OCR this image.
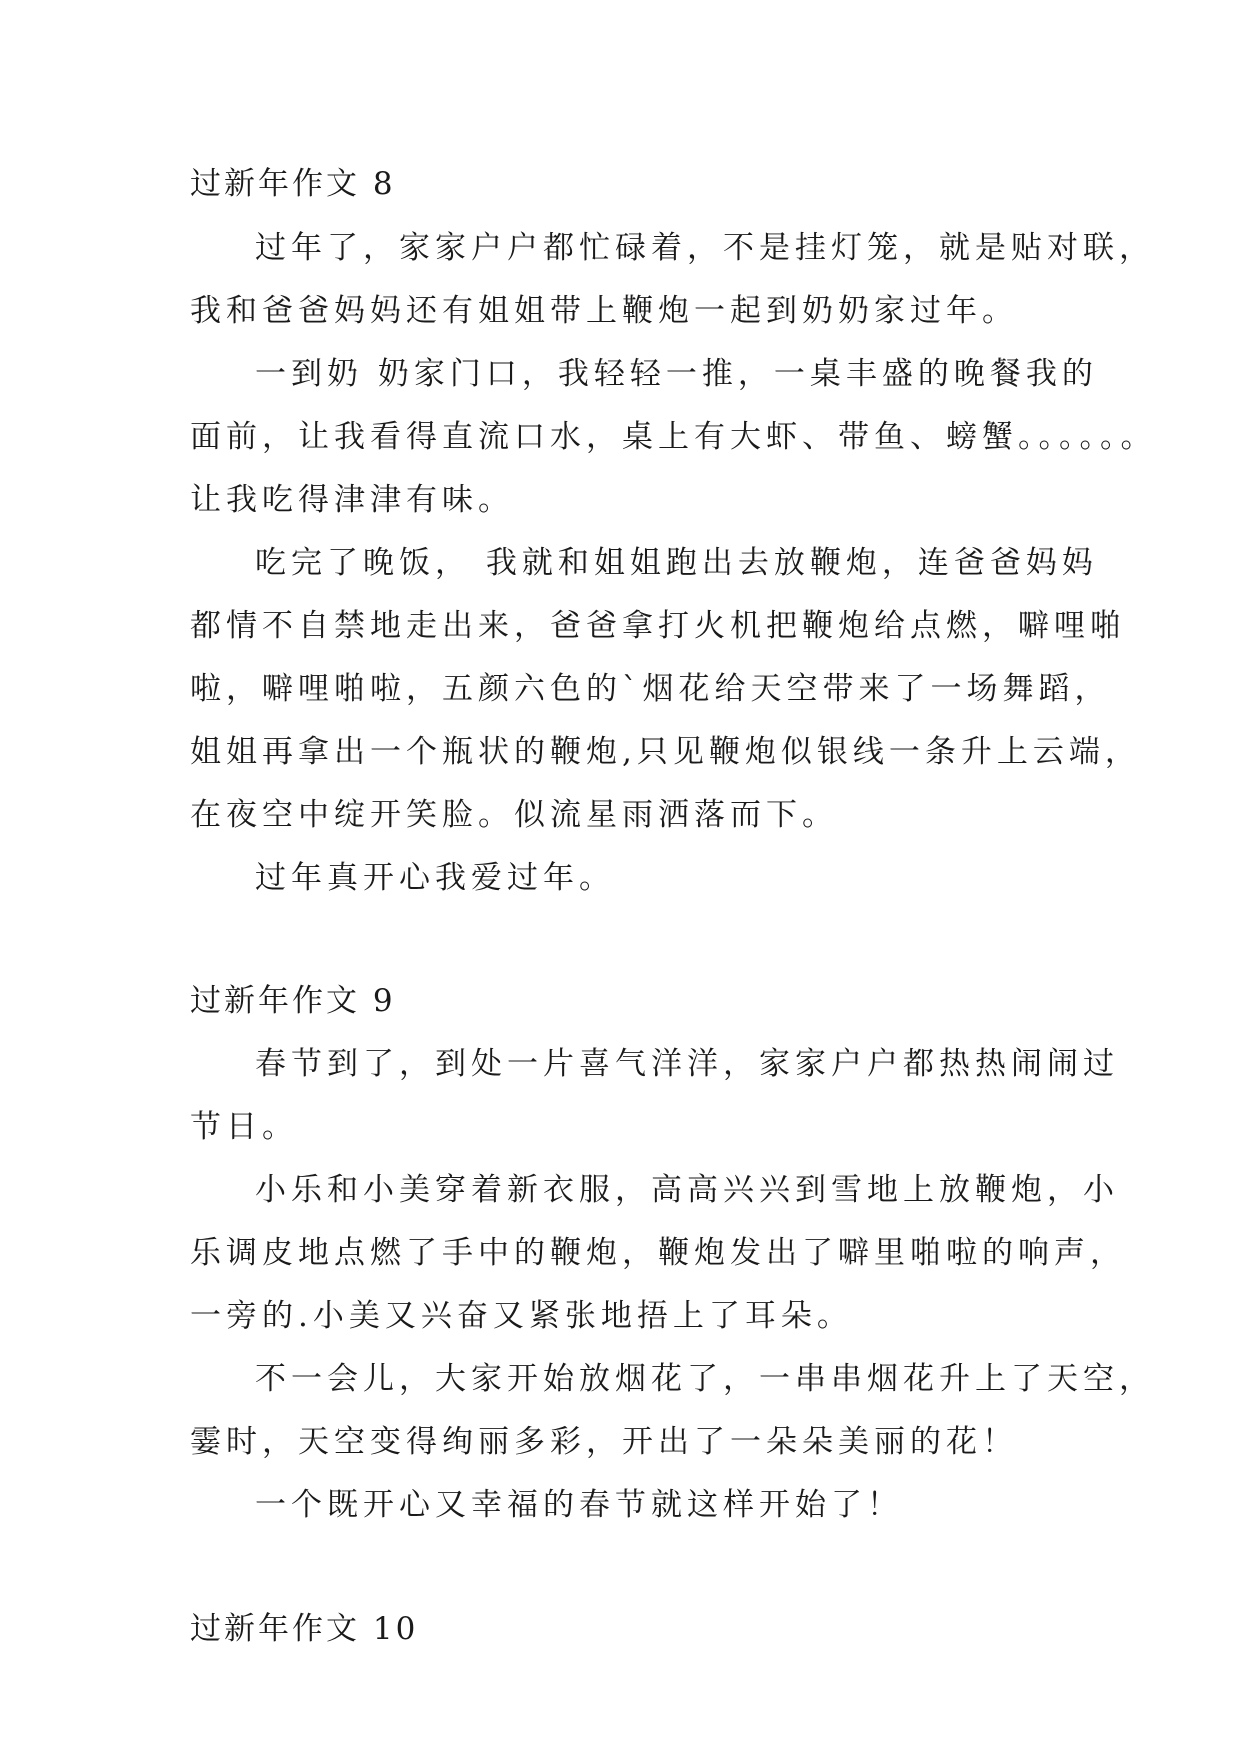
过新年作文 8
过年了，家家户户都忙碌着，不是挂灯笼，就是贴对联，
我和爸爸妈妈还有姐姐带上鞭炮一起到奶奶家过年。
一到奶 奶家门口，我轻轻一推，一桌丰盛的晚餐我的
面前，让我看得直流口水，桌上有大虾、带鱼、螃蟹。。。。。。
让我吃得津津有味。
吃完了晚饭， 我就和姐姐跑出去放鞭炮，连爸爸妈妈
都情不自禁地走出来，爸爸拿打火机把鞭炮给点燃，噼哩啪
啦，噼哩啪啦，五颜六色的`烟花给天空带来了一场舞蹈，
姐姐再拿出一个瓶状的鞭炮,只见鞭炮似银线一条升上云端，
在夜空中绽开笑脸。似流星雨洒落而下。
过年真开心我爱过年。
过新年作文 9
春节到了，到处一片喜气洋洋，家家户户都热热闹闹过
节日。
小乐和小美穿着新衣服，高高兴兴到雪地上放鞭炮，小
乐调皮地点燃了手中的鞭炮，鞭炮发出了噼里啪啦的响声，
一旁的.小美又兴奋又紧张地捂上了耳朵。
不一会儿，大家开始放烟花了，一串串烟花升上了天空，
霎时，天空变得绚丽多彩，开出了一朵朵美丽的花！
一个既开心又幸福的春节就这样开始了！
过新年作文 10
